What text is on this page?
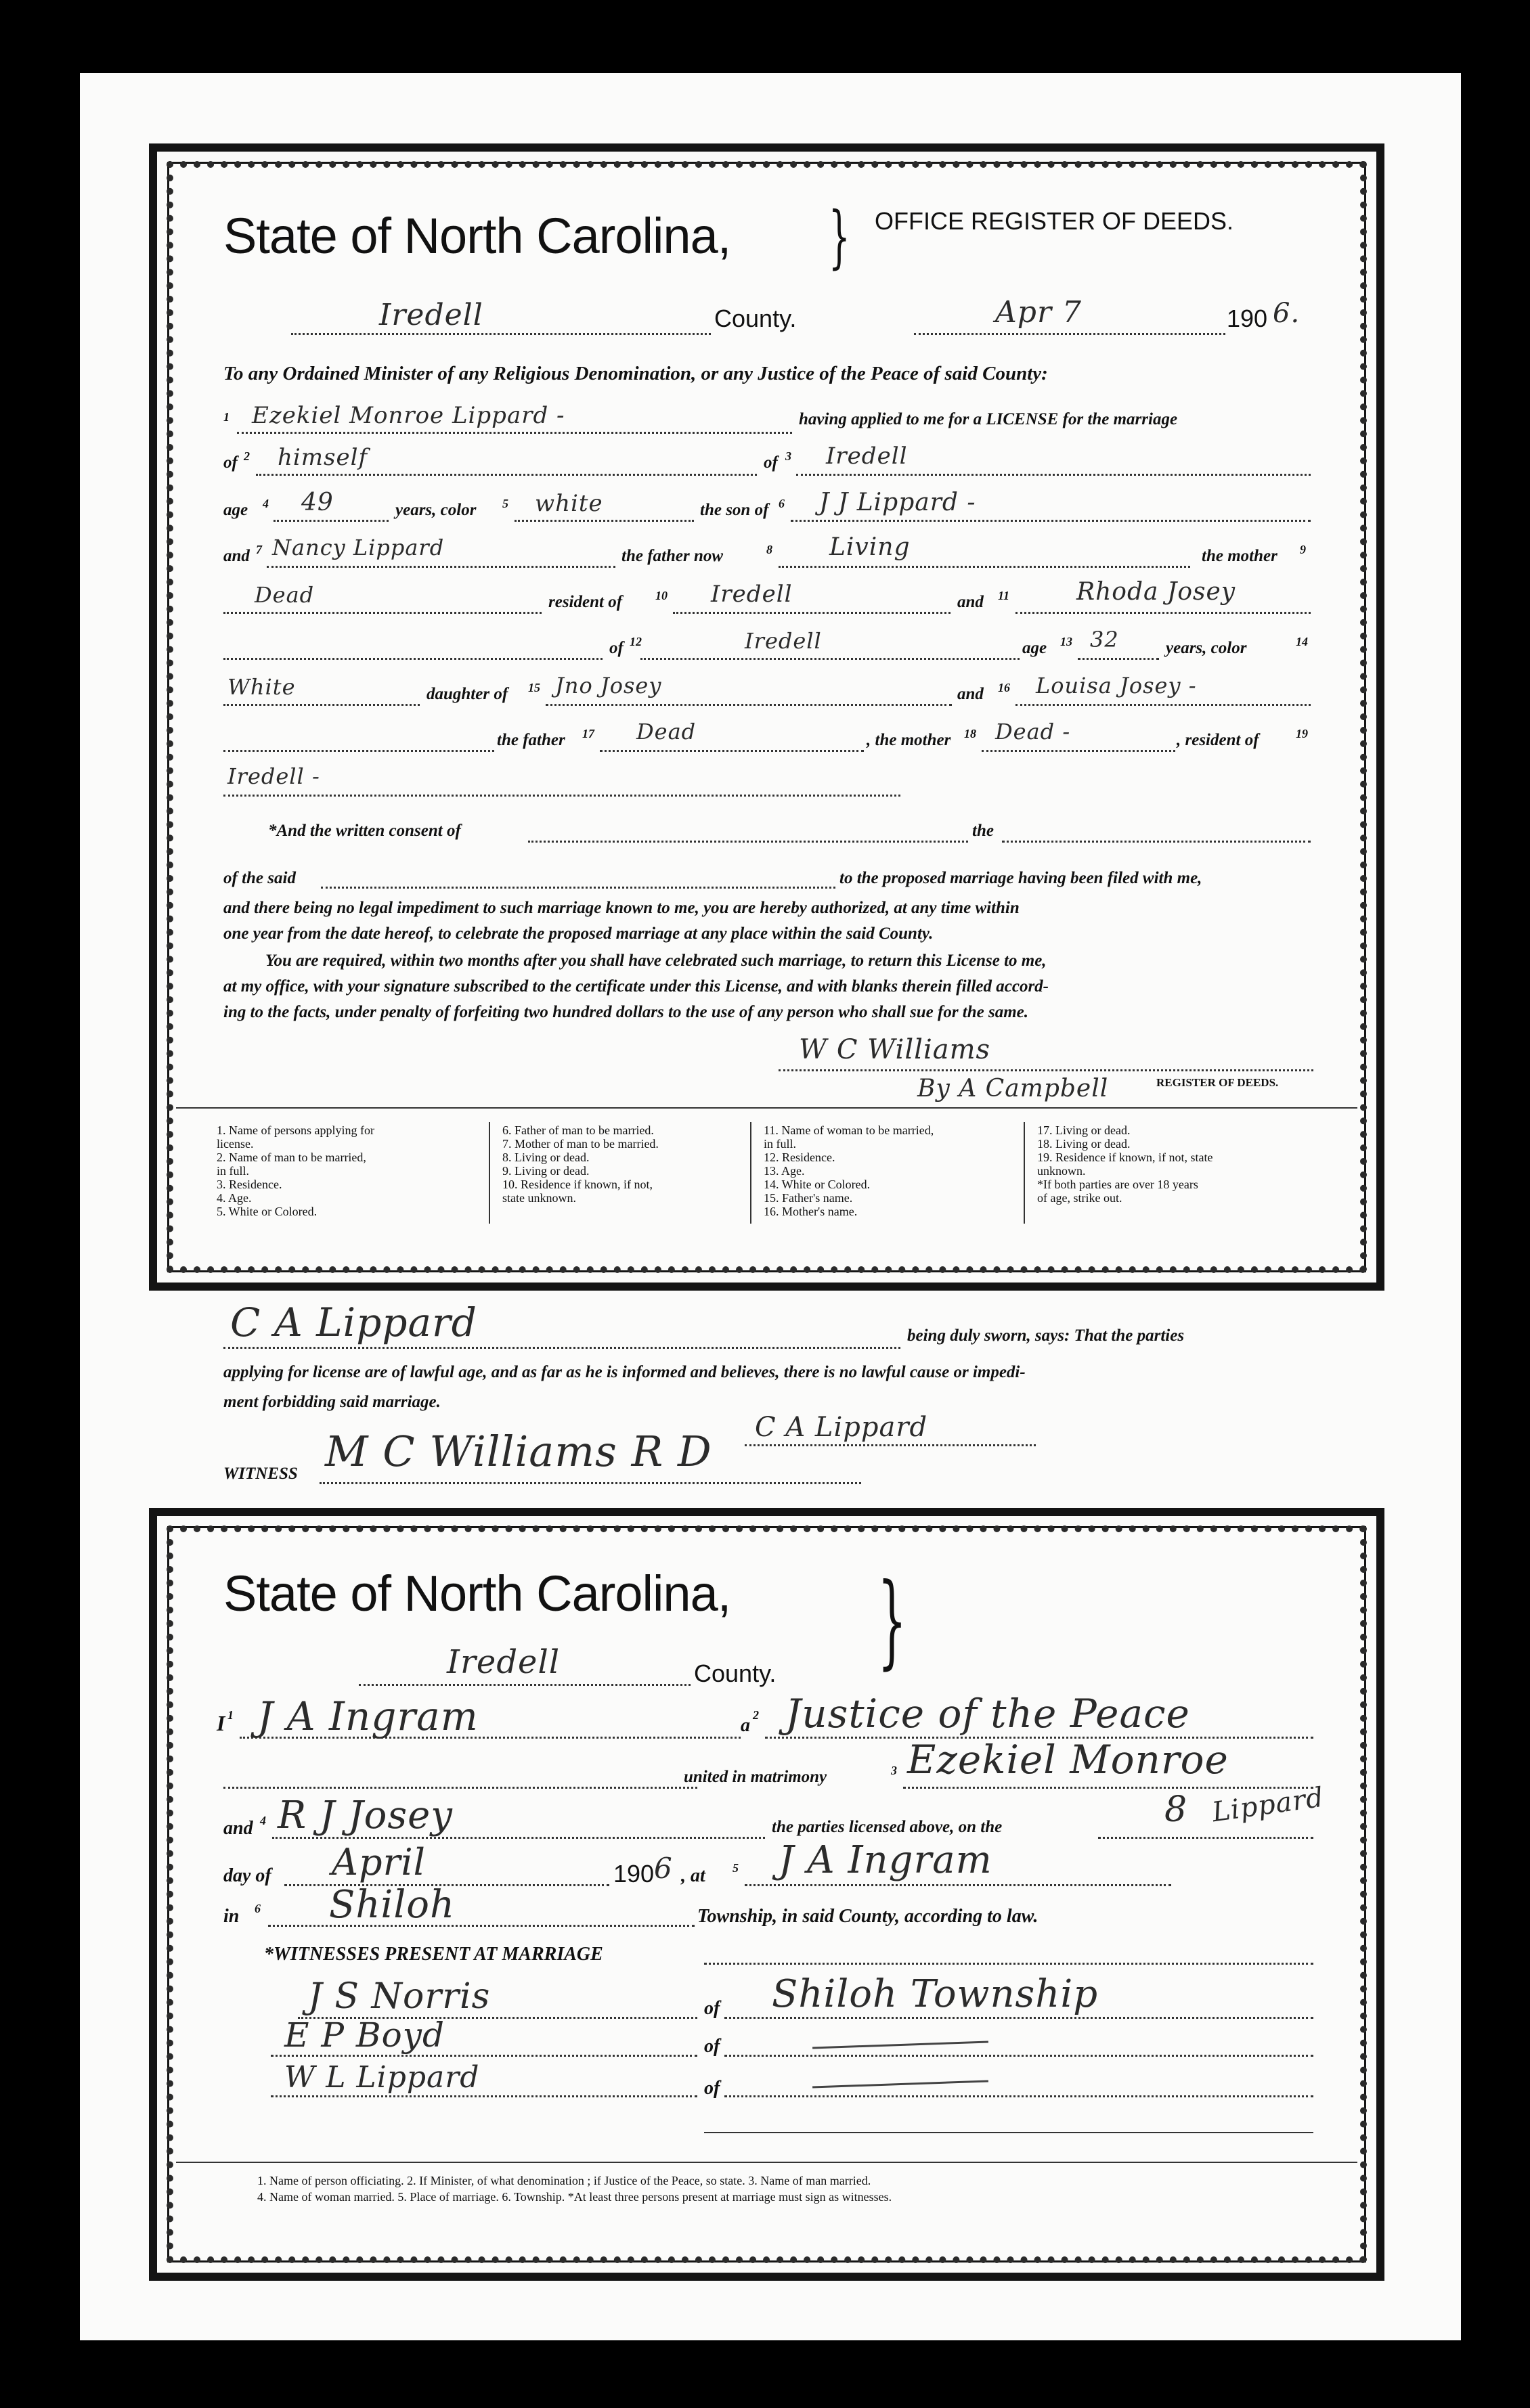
State of North Carolina, } OFFICE REGISTER OF DEEDS.
Iredell	County.	Apr 7	190 6.
To any Ordained Minister of any Religious Denomination, or any Justice of the Peace of said County:
1 Ezekiel Monroe Lippard -	having applied to me for a LICENSE for the marriage
of 2 himself	of 3 Iredell
age 4 49	years, color 5 white	the son of 6 J J Lippard -
and 7 Nancy Lippard	the father now	8 Living	the mother 9
Dead	resident of	10 Iredell	and 11	Rhoda Josey
of 12	Iredell	age 13 32	years, color	14
White	daughter of 15 Jno Josey	and 16 Louisa Josey -
the father 17 Dead	, the mother 18 Dead -	, resident of	19
Iredell -
*And the written consent of	the
of the said	to the proposed marriage having been filed with me,
and there being no legal impediment to such marriage known to me, you are hereby authorized, at any time within
one year from the date hereof, to celebrate the proposed marriage at any place within the said County.
You are required, within two months after you shall have celebrated such marriage, to return this License to me,
at my office, with your signature subscribed to the certificate under this License, and with blanks therein filled accord-
ing to the facts, under penalty of forfeiting two hundred dollars to the use of any person who shall sue for the same.
W C Williams
REGISTER OF DEEDS.
By A Campbell
1. Name of persons applying for
license.
2. Name of man to be married,
in full.
3. Residence.
4. Age.
5. White or Colored.
6. Father of man to be married.
7. Mother of man to be married.
8. Living or dead.
9. Living or dead.
10. Residence if known, if not,
state unknown.
11. Name of woman to be married,
in full.
12. Residence.
13. Age.
14. White or Colored.
15. Father's name.
16. Mother's name.
17. Living or dead.
18. Living or dead.
19. Residence if known, if not, state
unknown.
*If both parties are over 18 years
of age, strike out.
C A Lippard	being duly sworn, says: That the parties
applying for license are of lawful age, and as far as he is informed and believes, there is no lawful cause or impedi-
ment forbidding said marriage.
C A Lippard
WITNESS M C Williams R D
State of North Carolina, }
Iredell	County.
I 1 J A Ingram	a 2 Justice of the Peace
united in matrimony	3 Ezekiel Monroe
and 4 R J Josey	the parties licensed above, on the	8 Lippard
day of April	190 6 , at 5 J A Ingram
in 6 Shiloh	Township, in said County, according to law.
*WITNESSES PRESENT AT MARRIAGE
J S Norris	of Shiloh Township
E P Boyd	of
W L Lippard	of
1. Name of person officiating. 2. If Minister, of what denomination ; if Justice of the Peace, so state. 3. Name of man married.
4. Name of woman married. 5. Place of marriage. 6. Township. *At least three persons present at marriage must sign as witnesses.
